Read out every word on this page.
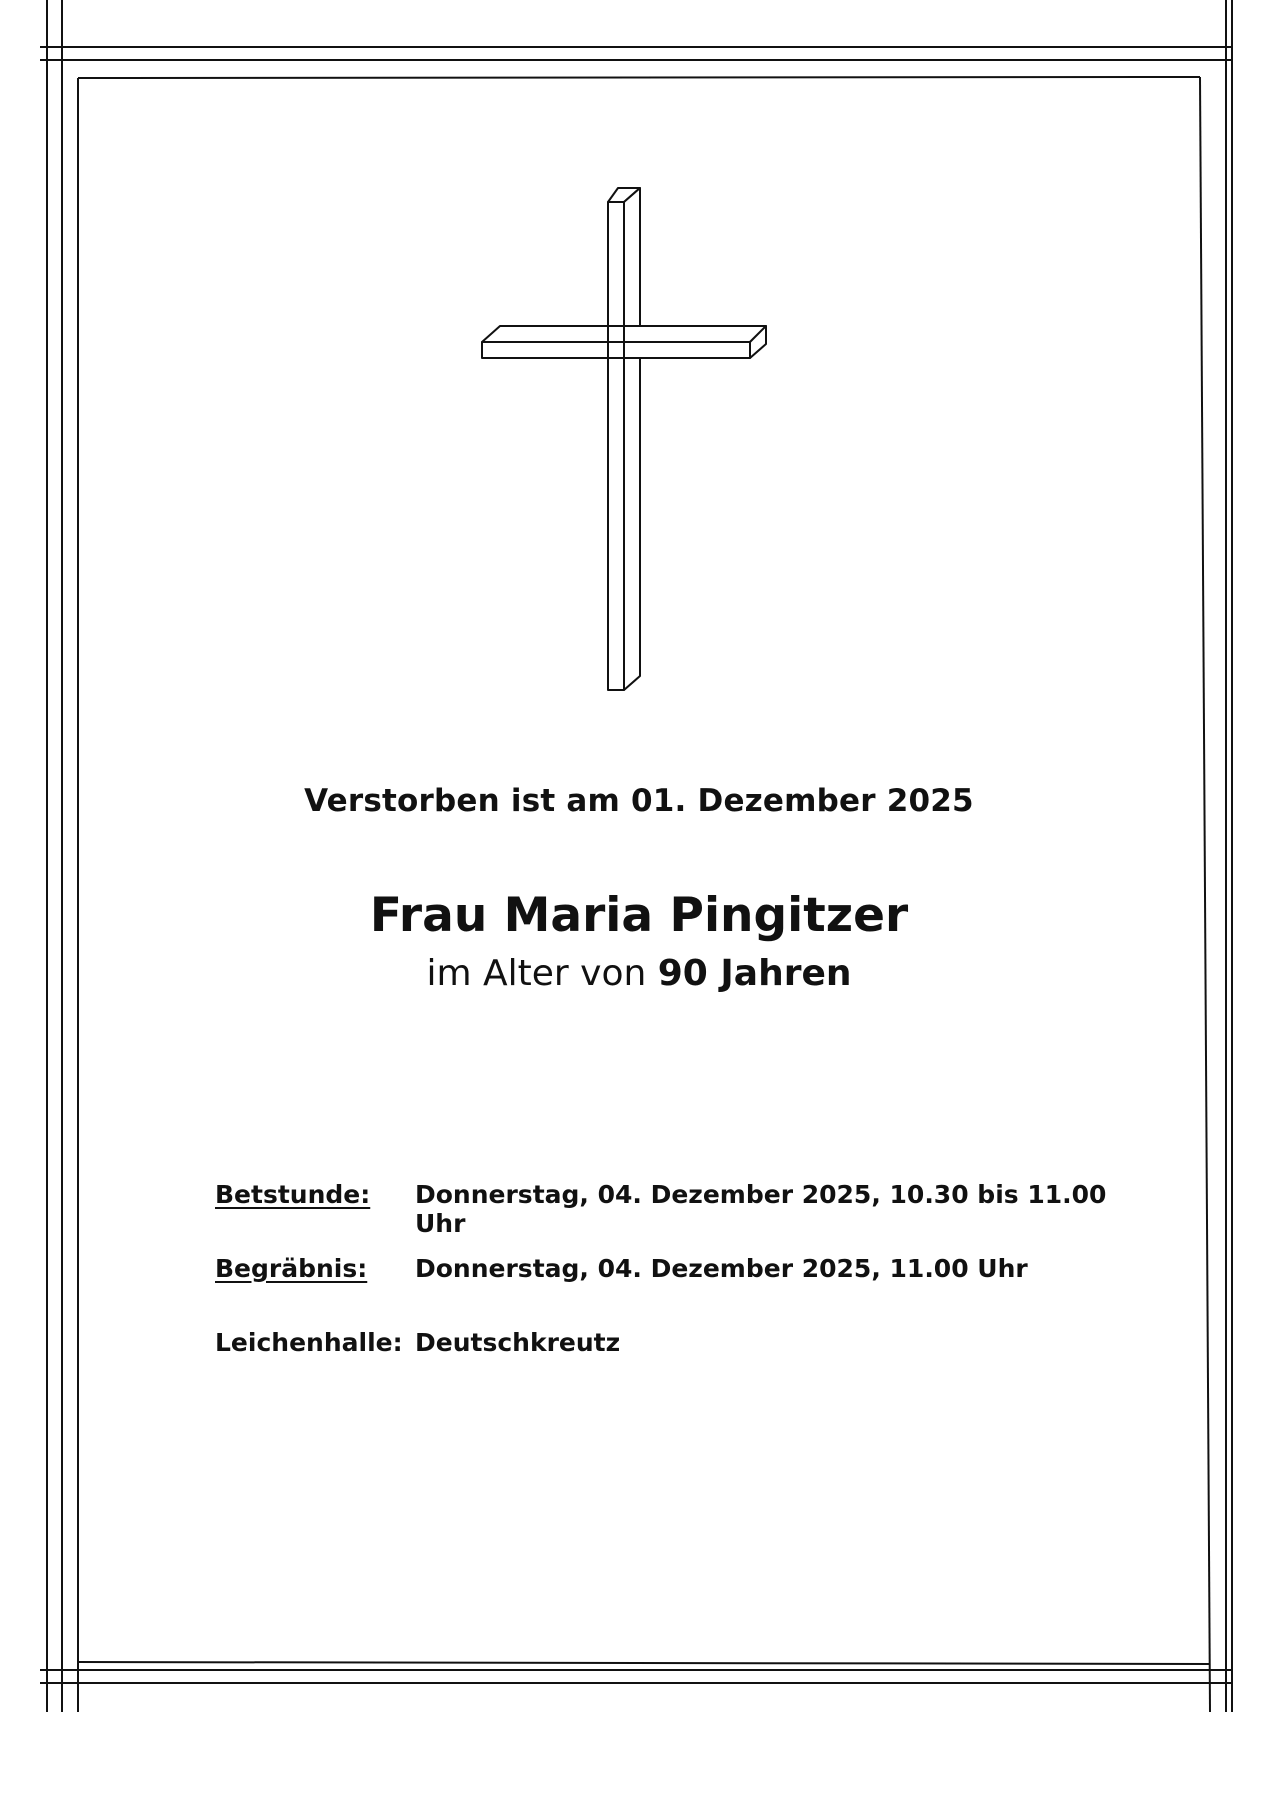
Verstorben ist am 01. Dezember 2025
Frau Maria Pingitzer
im Alter von 90 Jahren
Betstunde:	Donnerstag, 04. Dezember 2025, 10.30 bis 11.00 Uhr
Begräbnis:	Donnerstag, 04. Dezember 2025, 11.00 Uhr
Leichenhalle: Deutschkreutz
